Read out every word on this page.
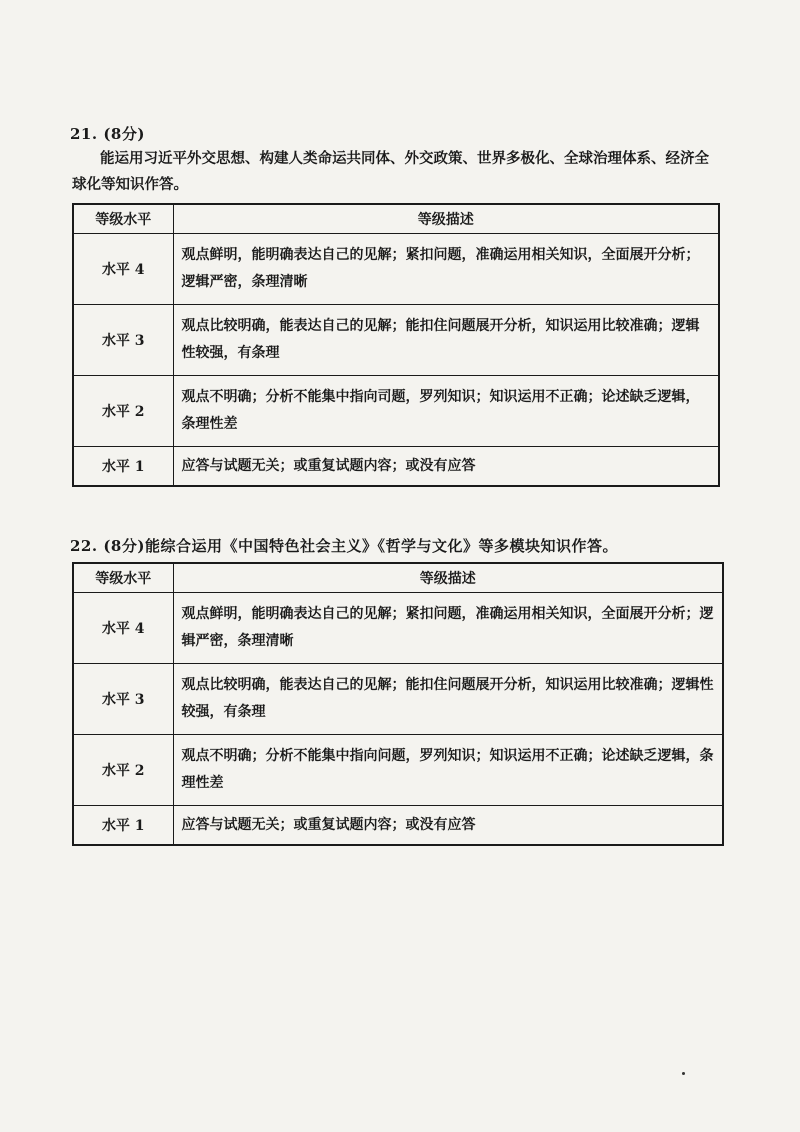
21. (8分)
能运用习近平外交思想、构建人类命运共同体、外交政策、世界多极化、全球治理体系、经济全球化等知识作答。
等级水平	等级描述
水平 4	观点鲜明，能明确表达自己的见解；紧扣问题，准确运用相关知识，全面展开分析；逻辑严密，条理清晰
水平 3	观点比较明确，能表达自己的见解；能扣住问题展开分析，知识运用比较准确；逻辑性较强，有条理
水平 2	观点不明确；分析不能集中指向司题，罗列知识；知识运用不正确；论述缺乏逻辑，条理性差
水平 1	应答与试题无关；或重复试题内容；或没有应答
22. (8分)能综合运用《中国特色社会主义》《哲学与文化》等多模块知识作答。
等级水平	等级描述
水平 4	观点鲜明，能明确表达自己的见解；紧扣问题，准确运用相关知识，全面展开分析；逻辑严密，条理清晰
水平 3	观点比较明确，能表达自己的见解；能扣住问题展开分析，知识运用比较准确；逻辑性较强，有条理
水平 2	观点不明确；分析不能集中指向问题，罗列知识；知识运用不正确；论述缺乏逻辑，条理性差
水平 1	应答与试题无关；或重复试题内容；或没有应答
